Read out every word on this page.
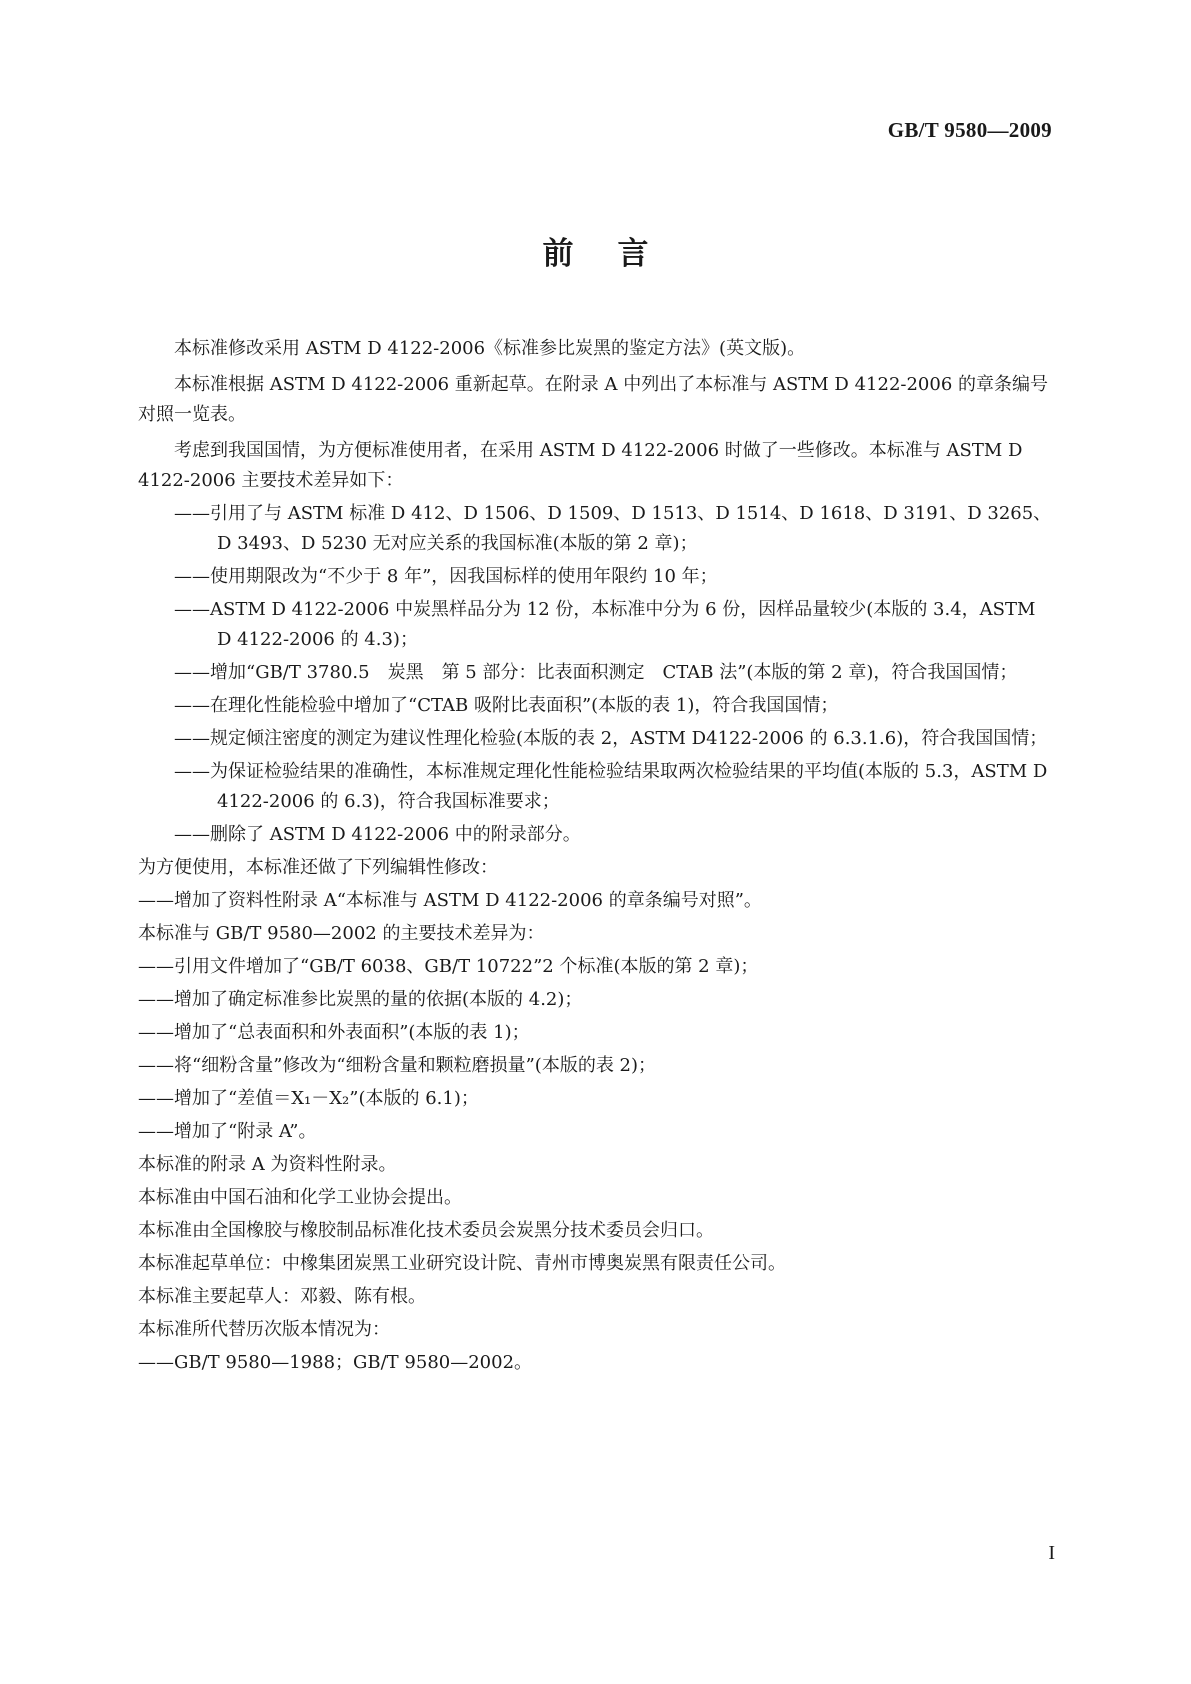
GB/T 9580—2009
前言

本标准修改采用 ASTM D 4122-2006《标准参比炭黑的鉴定方法》(英文版)。

本标准根据 ASTM D 4122-2006 重新起草。在附录 A 中列出了本标准与 ASTM D 4122-2006 的章条编号对照一览表。

考虑到我国国情，为方便标准使用者，在采用 ASTM D 4122-2006 时做了一些修改。本标准与 ASTM D 4122-2006 主要技术差异如下：

——引用了与 ASTM 标准 D 412、D 1506、D 1509、D 1513、D 1514、D 1618、D 3191、D 3265、D 3493、D 5230 无对应关系的我国标准(本版的第 2 章)；

——使用期限改为“不少于 8 年”，因我国标样的使用年限约 10 年；

——ASTM D 4122-2006 中炭黑样品分为 12 份，本标准中分为 6 份，因样品量较少(本版的 3.4，ASTM D 4122-2006 的 4.3)；

——增加“GB/T 3780.5　炭黑　第 5 部分：比表面积测定　CTAB 法”(本版的第 2 章)，符合我国国情；

——在理化性能检验中增加了“CTAB 吸附比表面积”(本版的表 1)，符合我国国情；

——规定倾注密度的测定为建议性理化检验(本版的表 2，ASTM D4122-2006 的 6.3.1.6)，符合我国国情；

——为保证检验结果的准确性，本标准规定理化性能检验结果取两次检验结果的平均值(本版的 5.3，ASTM D 4122-2006 的 6.3)，符合我国标准要求；

——删除了 ASTM D 4122-2006 中的附录部分。

为方便使用，本标准还做了下列编辑性修改：

——增加了资料性附录 A“本标准与 ASTM D 4122-2006 的章条编号对照”。

本标准与 GB/T 9580—2002 的主要技术差异为：

——引用文件增加了“GB/T 6038、GB/T 10722”2 个标准(本版的第 2 章)；

——增加了确定标准参比炭黑的量的依据(本版的 4.2)；

——增加了“总表面积和外表面积”(本版的表 1)；

——将“细粉含量”修改为“细粉含量和颗粒磨损量”(本版的表 2)；

——增加了“差值＝X₁－X₂”(本版的 6.1)；

——增加了“附录 A”。

本标准的附录 A 为资料性附录。

本标准由中国石油和化学工业协会提出。

本标准由全国橡胶与橡胶制品标准化技术委员会炭黑分技术委员会归口。

本标准起草单位：中橡集团炭黑工业研究设计院、青州市博奥炭黑有限责任公司。

本标准主要起草人：邓毅、陈有根。

本标准所代替历次版本情况为：

——GB/T 9580—1988；GB/T 9580—2002。

I
